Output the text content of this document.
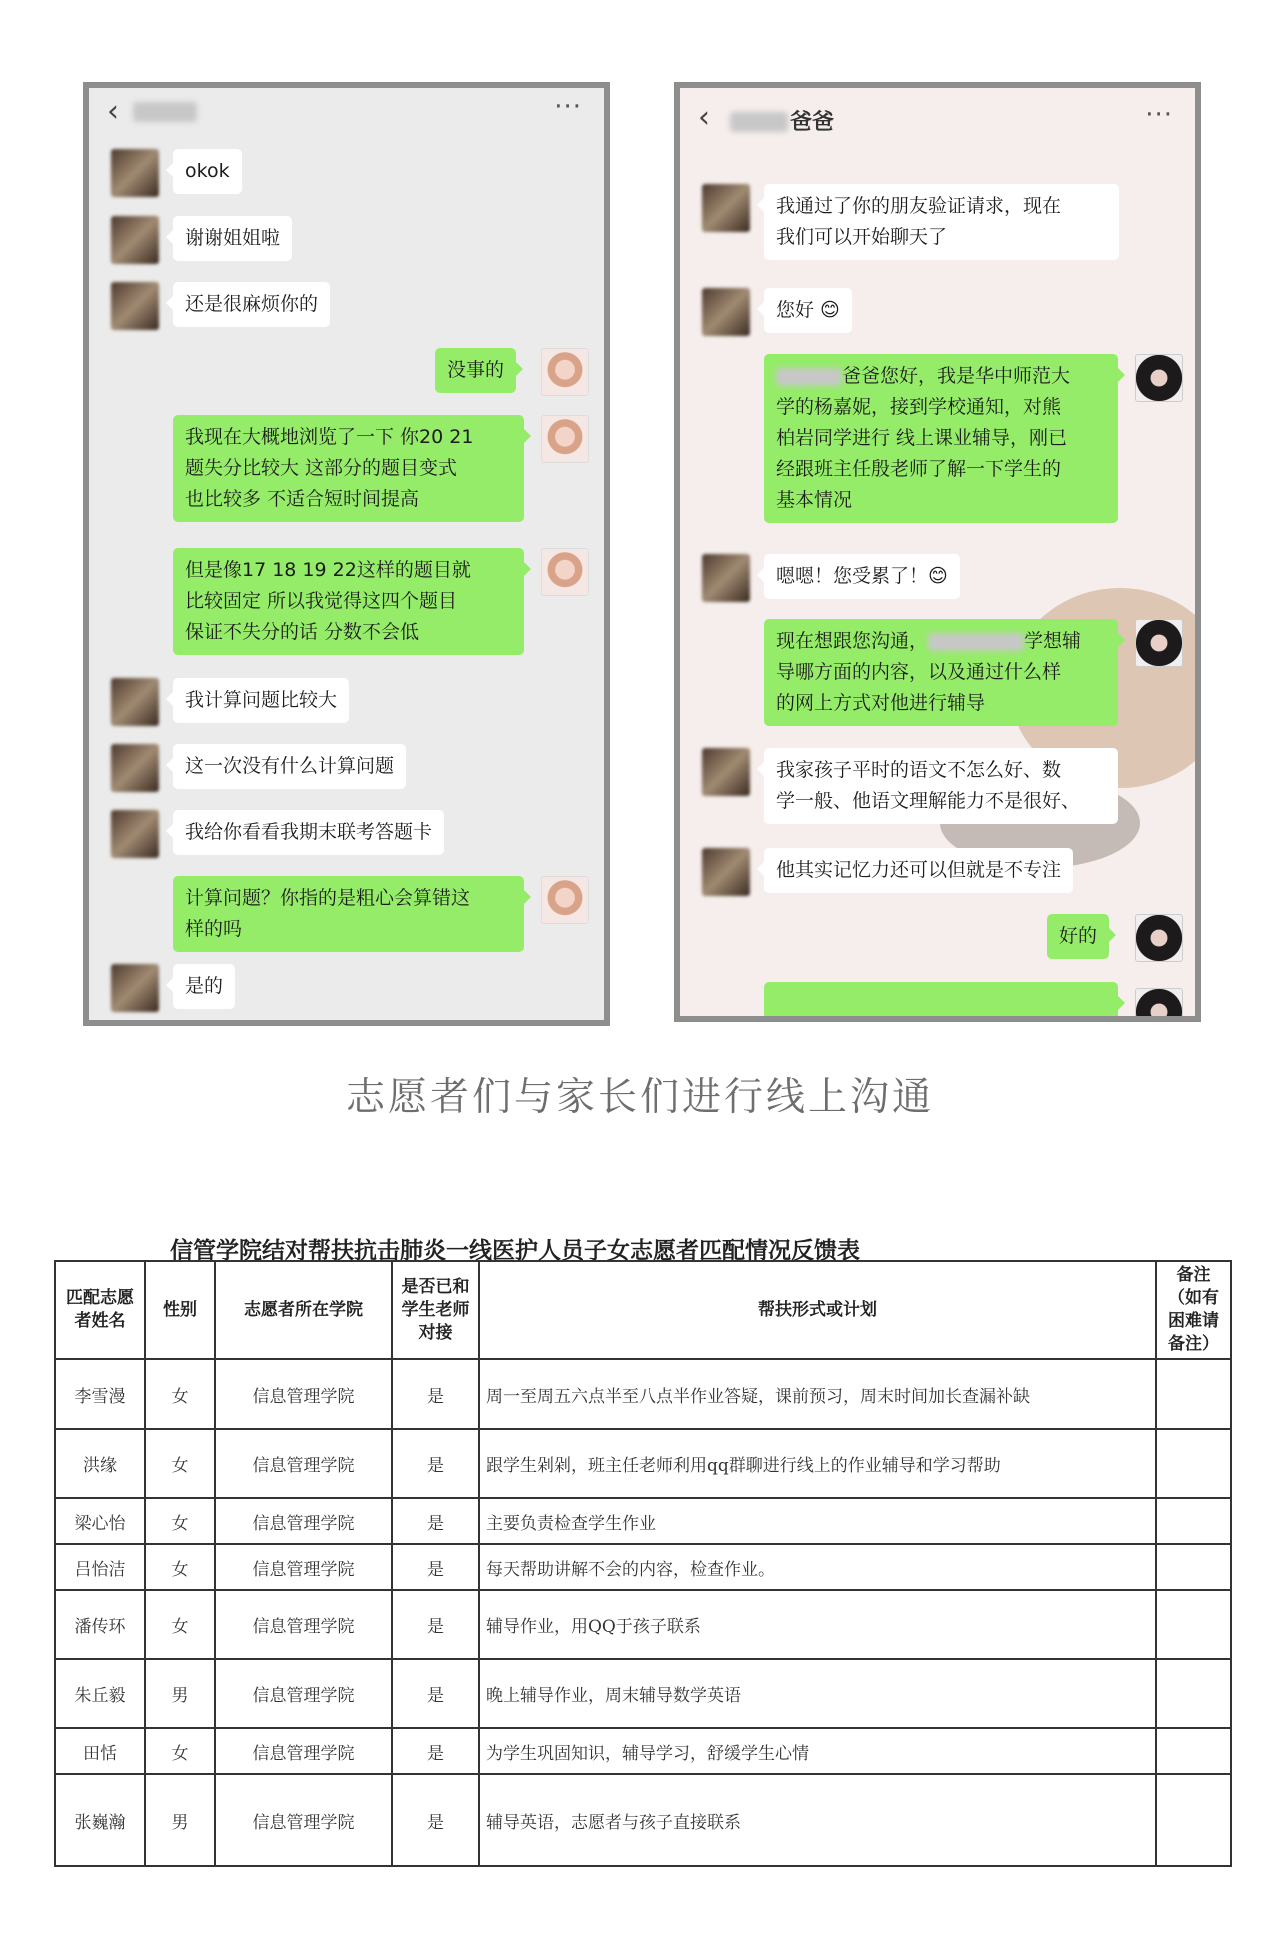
‹	···
okok
谢谢姐姐啦
还是很麻烦你的
没事的
我现在大概地浏览了一下 你20 21
题失分比较大 这部分的题目变式
也比较多 不适合短时间提高
但是像17 18 19 22这样的题目就
比较固定 所以我觉得这四个题目
保证不失分的话 分数不会低
我计算问题比较大
这一次没有什么计算问题
我给你看看我期末联考答题卡
计算问题？你指的是粗心会算错这
样的吗
是的
‹	爸爸	···
我通过了你的朋友验证请求，现在
我们可以开始聊天了
您好 😊
爸爸您好，我是华中师范大
学的杨嘉妮，接到学校通知，对熊
柏岩同学进行 线上课业辅导，刚已
经跟班主任殷老师了解一下学生的
基本情况
嗯嗯！您受累了！😊
现在想跟您沟通，	学想辅
导哪方面的内容，以及通过什么样
的网上方式对他进行辅导
我家孩子平时的语文不怎么好、数
学一般、他语文理解能力不是很好、
他其实记忆力还可以但就是不专注
好的
志愿者们与家长们进行线上沟通
信管学院结对帮扶抗击肺炎一线医护人员子女志愿者匹配情况反馈表
匹配志愿者姓名	性别	志愿者所在学院	是否已和学生老师对接	帮扶形式或计划	备注（如有困难请备注）
李雪漫	女	信息管理学院	是	周一至周五六点半至八点半作业答疑，课前预习，周末时间加长查漏补缺	
洪缘	女	信息管理学院	是	跟学生剁剁，班主任老师利用qq群聊进行线上的作业辅导和学习帮助	
梁心怡	女	信息管理学院	是	主要负责检查学生作业	
吕怡洁	女	信息管理学院	是	每天帮助讲解不会的内容，检查作业。	
潘传环	女	信息管理学院	是	辅导作业，用QQ于孩子联系	
朱丘毅	男	信息管理学院	是	晚上辅导作业，周末辅导数学英语	
田恬	女	信息管理学院	是	为学生巩固知识，辅导学习，舒缓学生心情	
张巍瀚	男	信息管理学院	是	辅导英语，志愿者与孩子直接联系	
